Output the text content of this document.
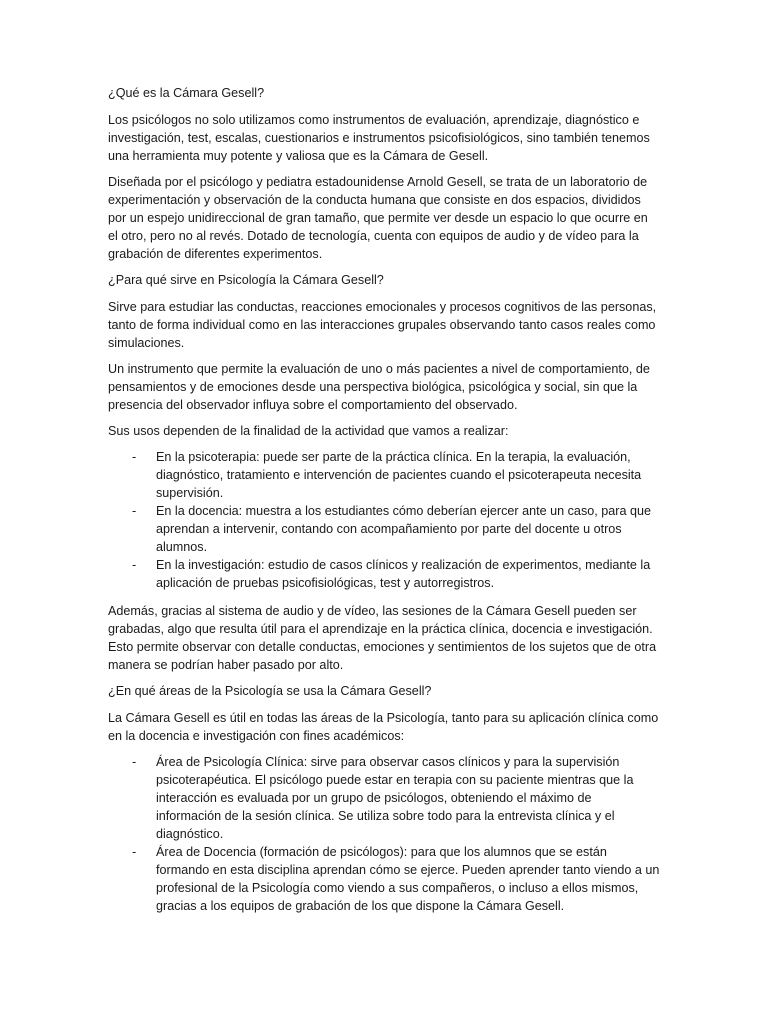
¿Qué es la Cámara Gesell?

Los psicólogos no solo utilizamos como instrumentos de evaluación, aprendizaje, diagnóstico e investigación, test, escalas, cuestionarios e instrumentos psicofisiológicos, sino también tenemos una herramienta muy potente y valiosa que es la Cámara de Gesell.

Diseñada por el psicólogo y pediatra estadounidense Arnold Gesell, se trata de un laboratorio de experimentación y observación de la conducta humana que consiste en dos espacios, divididos por un espejo unidireccional de gran tamaño, que permite ver desde un espacio lo que ocurre en el otro, pero no al revés. Dotado de tecnología, cuenta con equipos de audio y de vídeo para la grabación de diferentes experimentos.

¿Para qué sirve en Psicología la Cámara Gesell?

Sirve para estudiar las conductas, reacciones emocionales y procesos cognitivos de las personas, tanto de forma individual como en las interacciones grupales observando tanto casos reales como simulaciones.

Un instrumento que permite la evaluación de uno o más pacientes a nivel de comportamiento, de pensamientos y de emociones desde una perspectiva biológica, psicológica y social, sin que la presencia del observador influya sobre el comportamiento del observado.

Sus usos dependen de la finalidad de la actividad que vamos a realizar:

- En la psicoterapia: puede ser parte de la práctica clínica. En la terapia, la evaluación, diagnóstico, tratamiento e intervención de pacientes cuando el psicoterapeuta necesita supervisión.
- En la docencia: muestra a los estudiantes cómo deberían ejercer ante un caso, para que aprendan a intervenir, contando con acompañamiento por parte del docente u otros alumnos.
- En la investigación: estudio de casos clínicos y realización de experimentos, mediante la aplicación de pruebas psicofisiológicas, test y autorregistros.

Además, gracias al sistema de audio y de vídeo, las sesiones de la Cámara Gesell pueden ser grabadas, algo que resulta útil para el aprendizaje en la práctica clínica, docencia e investigación. Esto permite observar con detalle conductas, emociones y sentimientos de los sujetos que de otra manera se podrían haber pasado por alto.

¿En qué áreas de la Psicología se usa la Cámara Gesell?

La Cámara Gesell es útil en todas las áreas de la Psicología, tanto para su aplicación clínica como en la docencia e investigación con fines académicos:

- Área de Psicología Clínica: sirve para observar casos clínicos y para la supervisión psicoterapéutica. El psicólogo puede estar en terapia con su paciente mientras que la interacción es evaluada por un grupo de psicólogos, obteniendo el máximo de información de la sesión clínica. Se utiliza sobre todo para la entrevista clínica y el diagnóstico.
- Área de Docencia (formación de psicólogos): para que los alumnos que se están formando en esta disciplina aprendan cómo se ejerce. Pueden aprender tanto viendo a un profesional de la Psicología como viendo a sus compañeros, o incluso a ellos mismos, gracias a los equipos de grabación de los que dispone la Cámara Gesell.
